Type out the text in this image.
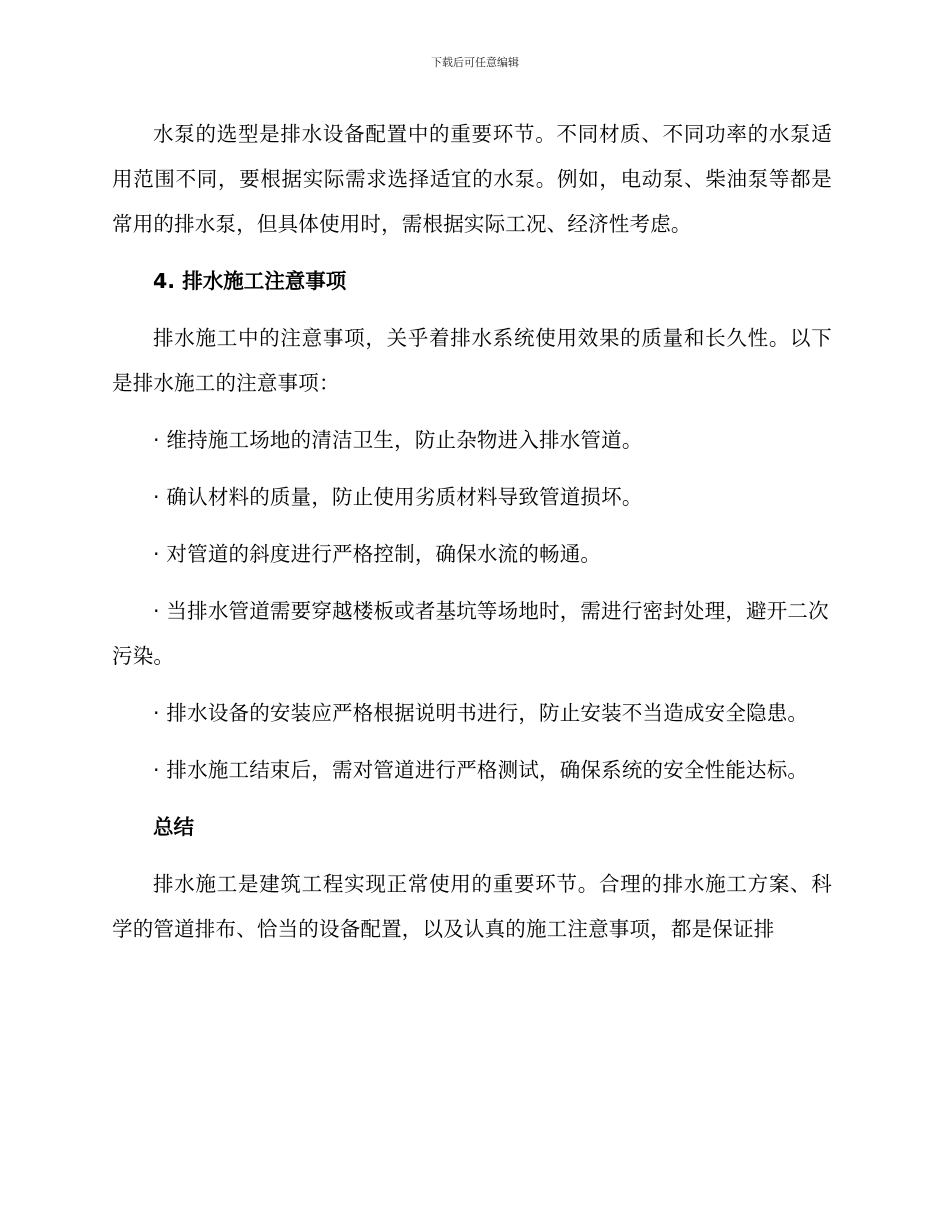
下载后可任意编辑

水泵的选型是排水设备配置中的重要环节。不同材质、不同功率的水泵适用范围不同，要根据实际需求选择适宜的水泵。例如，电动泵、柴油泵等都是常用的排水泵，但具体使用时，需根据实际工况、经济性考虑。

4. 排水施工注意事项

排水施工中的注意事项，关乎着排水系统使用效果的质量和长久性。以下是排水施工的注意事项：

· 维持施工场地的清洁卫生，防止杂物进入排水管道。

· 确认材料的质量，防止使用劣质材料导致管道损坏。

· 对管道的斜度进行严格控制，确保水流的畅通。

· 当排水管道需要穿越楼板或者基坑等场地时，需进行密封处理，避开二次污染。

· 排水设备的安装应严格根据说明书进行，防止安装不当造成安全隐患。

· 排水施工结束后，需对管道进行严格测试，确保系统的安全性能达标。

总结

排水施工是建筑工程实现正常使用的重要环节。合理的排水施工方案、科学的管道排布、恰当的设备配置，以及认真的施工注意事项，都是保证排
